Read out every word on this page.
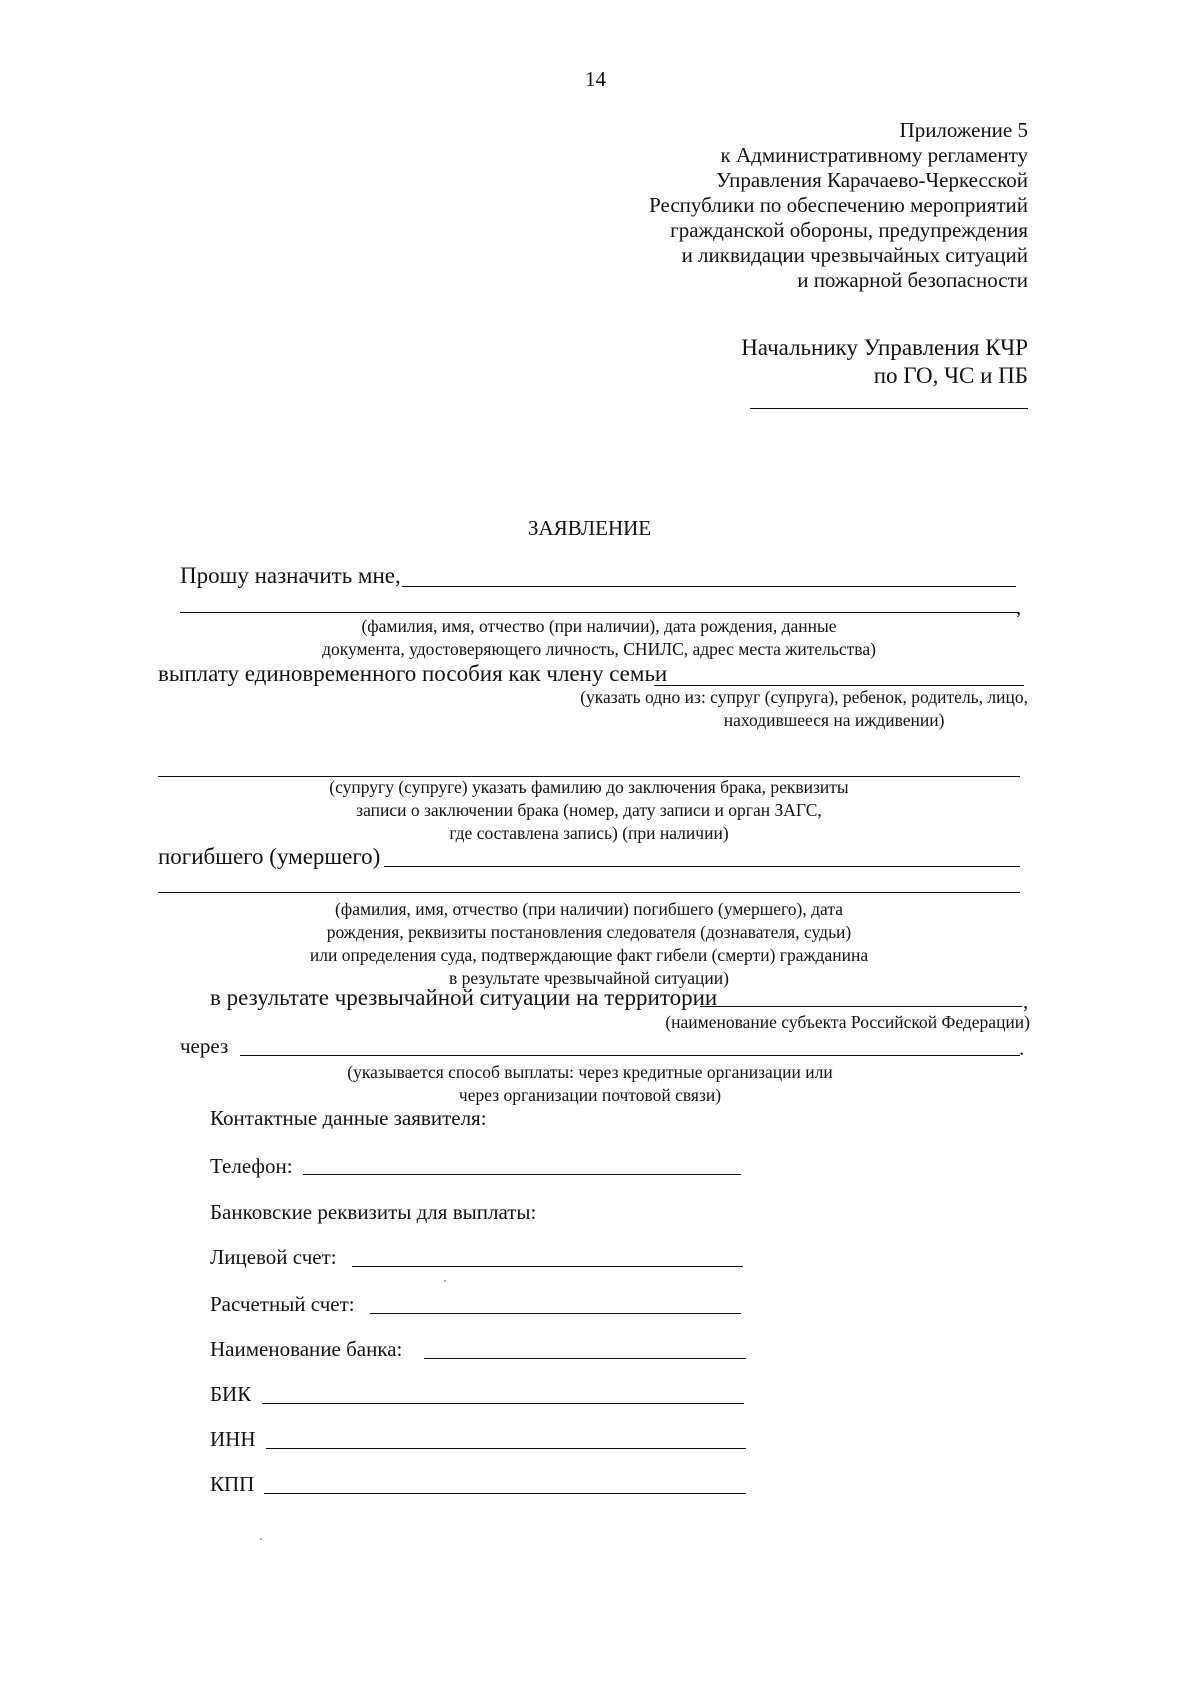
14
Приложение 5
к Административному регламенту
Управления Карачаево-Черкесской
Республики по обеспечению мероприятий
гражданской обороны, предупреждения
и ликвидации чрезвычайных ситуаций
и пожарной безопасности
Начальнику Управления КЧР
по ГО, ЧС и ПБ
ЗАЯВЛЕНИЕ
Прошу назначить мне,
,
(фамилия, имя, отчество (при наличии), дата рождения, данные
документа, удостоверяющего личность, СНИЛС, адрес места жительства)
выплату единовременного пособия как члену семьи
(указать одно из: супруг (супруга), ребенок, родитель, лицо,
находившееся на иждивении)
(супругу (супруге) указать фамилию до заключения брака, реквизиты
записи о заключении брака (номер, дату записи и орган ЗАГС,
где составлена запись) (при наличии)
погибшего (умершего)
(фамилия, имя, отчество (при наличии) погибшего (умершего), дата
рождения, реквизиты постановления следователя (дознавателя, судьи)
или определения суда, подтверждающие факт гибели (смерти) гражданина
в результате чрезвычайной ситуации)
в результате чрезвычайной ситуации на территории	,
(наименование субъекта Российской Федерации)
через	.
(указывается способ выплаты: через кредитные организации или
через организации почтовой связи)
Контактные данные заявителя:
Телефон:
Банковские реквизиты для выплаты:
Лицевой счет:
Расчетный счет:
Наименование банка:
БИК
ИНН
КПП
